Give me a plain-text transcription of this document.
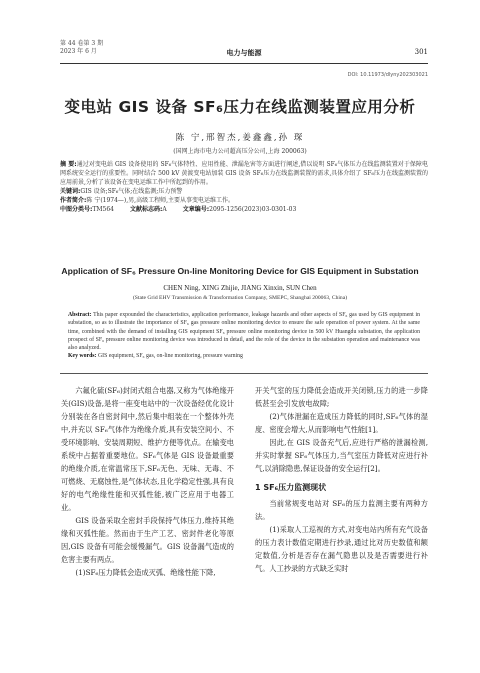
第 44 卷第 3 期
2023 年 6 月	电力与能源	301
DOI: 10.11973/dlyny202303021
变电站 GIS 设备 SF₆压力在线监测装置应用分析
陈 宁,邢智杰,姜鑫鑫,孙 琛
(国网上海市电力公司超高压分公司,上海 200063)
摘 要:通过对变电站 GIS 设备使用的 SF₆气体特性、应用性能、泄漏危害等方面进行阐述,借以说明 SF₆气体压力在线监测装置对于保障电网系统安全运行的重要性。同时结合 500 kV 黄渡变电站加装 GIS 设备 SF₆压力在线监测装置的需求,具体介绍了 SF₆压力在线监测装置的应用前景,分析了该设备在变电运维工作中所起到的作用。
关键词:GIS 设备;SF₆气体;在线监测;压力预警
作者简介:陈 宁(1974—),男,高级工程师,主要从事变电运维工作。
中图分类号:TM564	文献标志码:A	文章编号:2095-1256(2023)03-0301-03
Application of SF₆ Pressure On-line Monitoring Device for GIS Equipment in Substation
CHEN Ning, XING Zhijie, JIANG Xinxin, SUN Chen
(State Grid EHV Transmission & Transformation Company, SMEPC, Shanghai 200063, China)
Abstract: This paper expounded the characteristics, application performance, leakage hazards and other aspects of SF₆ gas used by GIS equipment in substation, so as to illustrate the importance of SF₆ gas pressure online monitoring device to ensure the safe operation of power system. At the same time, combined with the demand of installing GIS equipment SF₆ pressure online monitoring device in 500 kV Huangdu substation, the application prospect of SF₆ pressure online monitoring device was introduced in detail, and the role of the device in the substation operation and maintenance was also analyzed.
Key words: GIS equipment, SF₆ gas, on-line monitoring, pressure warning

六氟化硫(SF₆)封闭式组合电器,又称为气体绝缘开关(GIS)设备,是将一座变电站中的一次设备经优化设计分别装在各自密封间中,然后集中组装在一个整体外壳中,并充以 SF₆气体作为绝缘介质,具有安装空间小、不受环境影响、安装周期短、维护方便等优点。在输变电系统中占据着重要地位。SF₆气体是 GIS 设备最重要的绝缘介质,在常温常压下,SF₆无色、无味、无毒、不可燃烧、无腐蚀性,是气体状态,且化学稳定性强,具有良好的电气绝缘性能和灭弧性能,被广泛应用于电器工业。

GIS 设备采取全密封手段保持气体压力,维持其绝缘和灭弧性能。然而由于生产工艺、密封件老化等原因,GIS 设备有可能会缓慢漏气。GIS 设备漏气造成的危害主要有两点。

(1)SF₆压力降低会造成灭弧、绝缘性能下降,

开关气室的压力降低会造成开关闭锁,压力的进一步降低甚至会引发放电故障;

(2)气体泄漏在造成压力降低的同时,SF₆气体的湿度、密度会增大,从而影响电气性能[1]。

因此,在 GIS 设备充气后,应进行严格的泄漏检测,并实时掌握 SF₆气体压力,当气室压力降低对应进行补气,以消除隐患,保证设备的安全运行[2]。

1 SF₆压力监测现状

当前常规变电站对 SF₆的压力监测主要有两种方法。

(1)采取人工巡视的方式,对变电站内所有充气设备的压力表计数值定期进行抄录,通过比对历史数值和额定数值,分析是否存在漏气隐患以及是否需要进行补气。人工抄录的方式缺乏实时
